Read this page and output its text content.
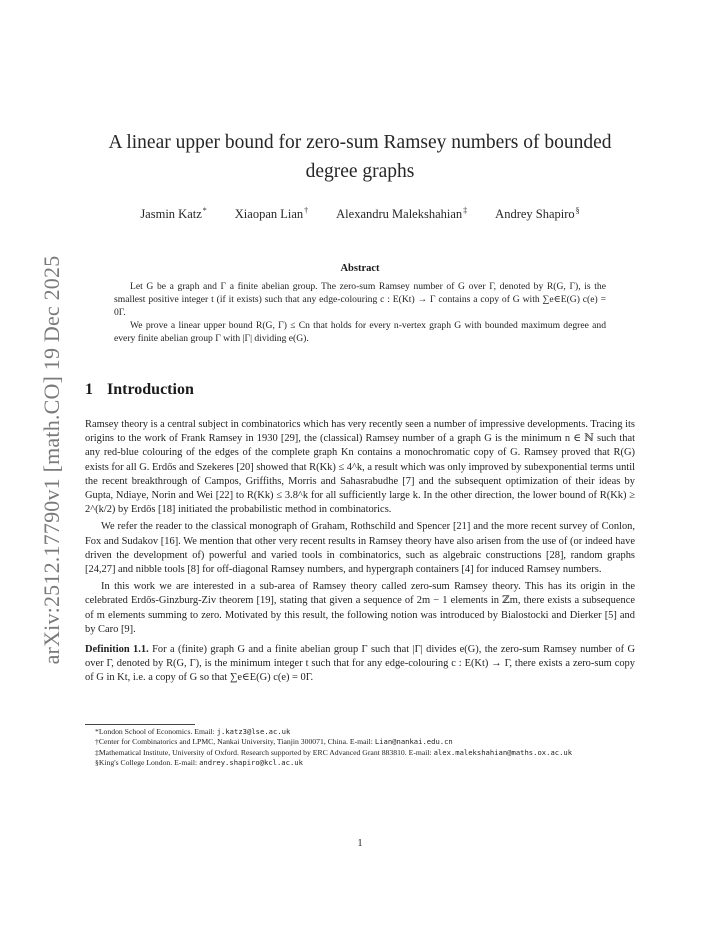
arXiv:2512.17790v1 [math.CO] 19 Dec 2025
A linear upper bound for zero-sum Ramsey numbers of bounded
degree graphs
Jasmin Katz* Xiaopan Lian† Alexandru Malekshahian‡ Andrey Shapiro§
Abstract

Let G be a graph and Γ a finite abelian group. The zero-sum Ramsey number of G over Γ, denoted by R(G, Γ), is the smallest positive integer t (if it exists) such that any edge-colouring c : E(Kt) → Γ contains a copy of G with ∑e∈E(G) c(e) = 0Γ.

We prove a linear upper bound R(G, Γ) ≤ Cn that holds for every n-vertex graph G with bounded maximum degree and every finite abelian group Γ with |Γ| dividing e(G).

1 Introduction

Ramsey theory is a central subject in combinatorics which has very recently seen a number of impressive developments. Tracing its origins to the work of Frank Ramsey in 1930 [29], the (classical) Ramsey number of a graph G is the minimum n ∈ ℕ such that any red-blue colouring of the edges of the complete graph Kn contains a monochromatic copy of G. Ramsey proved that R(G) exists for all G. Erdős and Szekeres [20] showed that R(Kk) ≤ 4^k, a result which was only improved by subexponential terms until the recent breakthrough of Campos, Griffiths, Morris and Sahasrabudhe [7] and the subsequent optimization of their ideas by Gupta, Ndiaye, Norin and Wei [22] to R(Kk) ≤ 3.8^k for all sufficiently large k. In the other direction, the lower bound of R(Kk) ≥ 2^(k/2) by Erdős [18] initiated the probabilistic method in combinatorics.

We refer the reader to the classical monograph of Graham, Rothschild and Spencer [21] and the more recent survey of Conlon, Fox and Sudakov [16]. We mention that other very recent results in Ramsey theory have also arisen from the use of (or indeed have driven the development of) powerful and varied tools in combinatorics, such as algebraic constructions [28], random graphs [24,27] and nibble tools [8] for off-diagonal Ramsey numbers, and hypergraph containers [4] for induced Ramsey numbers.

In this work we are interested in a sub-area of Ramsey theory called zero-sum Ramsey theory. This has its origin in the celebrated Erdős-Ginzburg-Ziv theorem [19], stating that given a sequence of 2m − 1 elements in ℤm, there exists a subsequence of m elements summing to zero. Motivated by this result, the following notion was introduced by Bialostocki and Dierker [5] and by Caro [9].

Definition 1.1. For a (finite) graph G and a finite abelian group Γ such that |Γ| divides e(G), the zero-sum Ramsey number of G over Γ, denoted by R(G, Γ), is the minimum integer t such that for any edge-colouring c : E(Kt) → Γ, there exists a zero-sum copy of G in Kt, i.e. a copy of G so that ∑e∈E(G) c(e) = 0Γ.

*London School of Economics. Email: j.katz3@lse.ac.uk
†Center for Combinatorics and LPMC, Nankai University, Tianjin 300071, China. E-mail: Lian@nankai.edu.cn
‡Mathematical Institute, University of Oxford. Research supported by ERC Advanced Grant 883810. E-mail: alex.malekshahian@maths.ox.ac.uk
§King's College London. E-mail: andrey.shapiro@kcl.ac.uk
1
